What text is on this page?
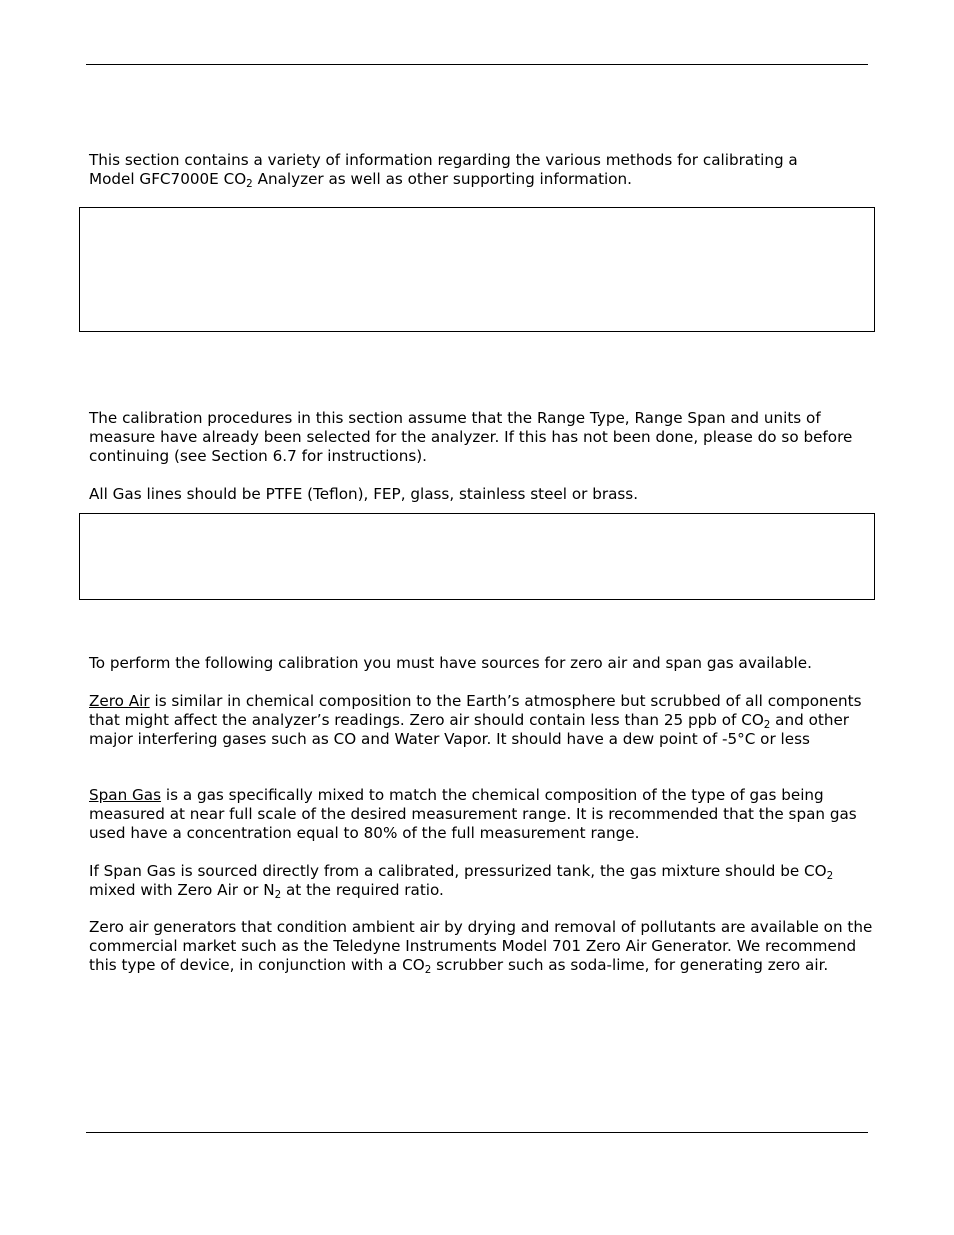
This section contains a variety of information regarding the various methods for calibrating a
Model GFC7000E $CO_2$ Analyzer as well as other supporting information.

The calibration procedures in this section assume that the Range Type, Range Span and units of measure have already been selected for the analyzer. If this has not been done, please do so before continuing (see Section 6.7 for instructions).

All Gas lines should be PTFE (Teflon), FEP, glass, stainless steel or brass.

To perform the following calibration you must have sources for zero air and span gas available.

Zero Air is similar in chemical composition to the Earth’s atmosphere but scrubbed of all components that might affect the analyzer’s readings. Zero air should contain less than 25 ppb of $CO_2$ and other major interfering gases such as CO and Water Vapor. It should have a dew point of -5°C or less

Span Gas is a gas specifically mixed to match the chemical composition of the type of gas being measured at near full scale of the desired measurement range. It is recommended that the span gas used have a concentration equal to 80% of the full measurement range.

If Span Gas is sourced directly from a calibrated, pressurized tank, the gas mixture should be $CO_2$ mixed with Zero Air or $N_2$ at the required ratio.

Zero air generators that condition ambient air by drying and removal of pollutants are available on the commercial market such as the Teledyne Instruments Model 701 Zero Air Generator. We recommend this type of device, in conjunction with a $CO_2$ scrubber such as soda-lime, for generating zero air.
